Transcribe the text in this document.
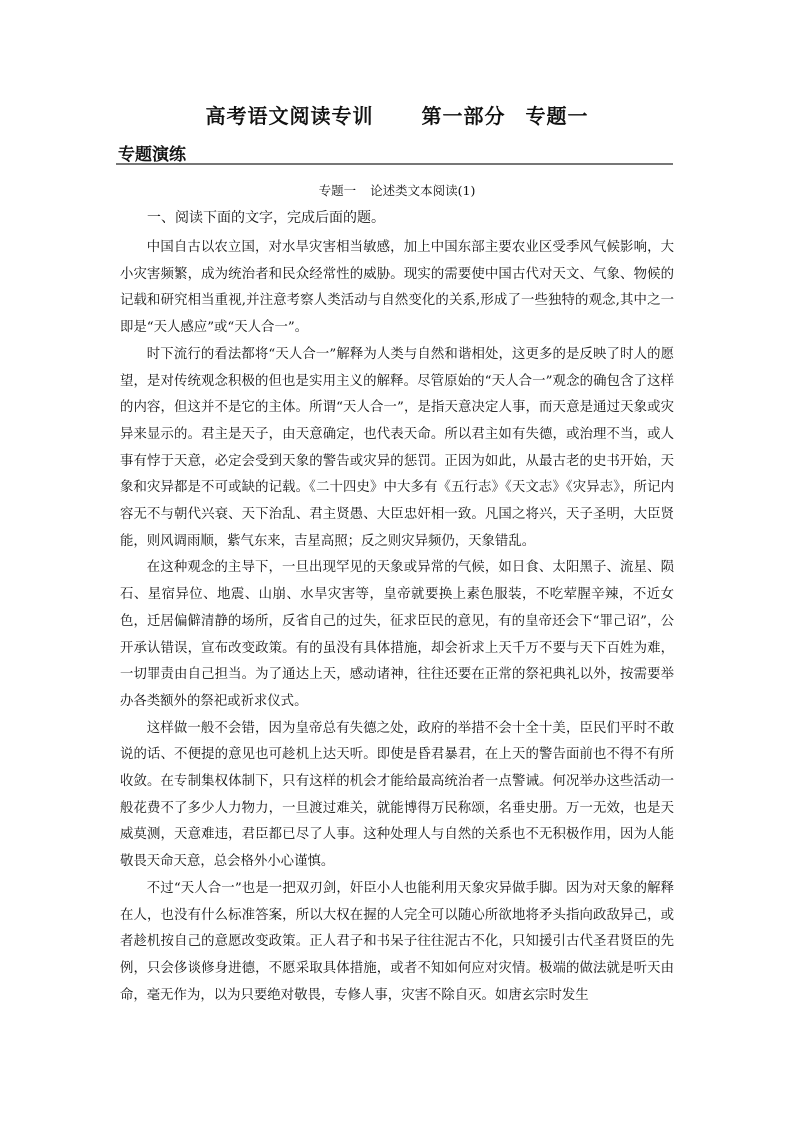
高考语文阅读专训 第一部分 专题一
专题演练
专题一 论述类文本阅读(1)
一、阅读下面的文字，完成后面的题。

中国自古以农立国，对水旱灾害相当敏感，加上中国东部主要农业区受季风气候影响，大小灾害频繁，成为统治者和民众经常性的威胁。现实的需要使中国古代对天文、气象、物候的记载和研究相当重视,并注意考察人类活动与自然变化的关系,形成了一些独特的观念,其中之一即是“天人感应”或“天人合一”。

时下流行的看法都将“天人合一”解释为人类与自然和谐相处，这更多的是反映了时人的愿望，是对传统观念积极的但也是实用主义的解释。尽管原始的“天人合一”观念的确包含了这样的内容，但这并不是它的主体。所谓“天人合一”，是指天意决定人事，而天意是通过天象或灾异来显示的。君主是天子，由天意确定，也代表天命。所以君主如有失德，或治理不当，或人事有悖于天意，必定会受到天象的警告或灾异的惩罚。正因为如此，从最古老的史书开始，天象和灾异都是不可或缺的记载。《二十四史》中大多有《五行志》《天文志》《灾异志》，所记内容无不与朝代兴衰、天下治乱、君主贤愚、大臣忠奸相一致。凡国之将兴，天子圣明，大臣贤能，则风调雨顺，紫气东来，吉星高照；反之则灾异频仍，天象错乱。

在这种观念的主导下，一旦出现罕见的天象或异常的气候，如日食、太阳黑子、流星、陨石、星宿异位、地震、山崩、水旱灾害等，皇帝就要换上素色服装，不吃荤腥辛辣，不近女色，迁居偏僻清静的场所，反省自己的过失，征求臣民的意见，有的皇帝还会下“罪己诏”，公开承认错误，宣布改变政策。有的虽没有具体措施，却会祈求上天千万不要与天下百姓为难，一切罪责由自己担当。为了通达上天，感动诸神，往往还要在正常的祭祀典礼以外，按需要举办各类额外的祭祀或祈求仪式。

这样做一般不会错，因为皇帝总有失德之处，政府的举措不会十全十美，臣民们平时不敢说的话、不便提的意见也可趁机上达天听。即使是昏君暴君，在上天的警告面前也不得不有所收敛。在专制集权体制下，只有这样的机会才能给最高统治者一点警诫。何况举办这些活动一般花费不了多少人力物力，一旦渡过难关，就能博得万民称颂，名垂史册。万一无效，也是天威莫测，天意难违，君臣都已尽了人事。这种处理人与自然的关系也不无积极作用，因为人能敬畏天命天意，总会格外小心谨慎。

不过“天人合一”也是一把双刃剑，奸臣小人也能利用天象灾异做手脚。因为对天象的解释在人，也没有什么标准答案，所以大权在握的人完全可以随心所欲地将矛头指向政敌异己，或者趁机按自己的意愿改变政策。正人君子和书呆子往往泥古不化，只知援引古代圣君贤臣的先例，只会侈谈修身进德，不愿采取具体措施，或者不知如何应对灾情。极端的做法就是听天由命，毫无作为，以为只要绝对敬畏，专修人事，灾害不除自灭。如唐玄宗时发生
